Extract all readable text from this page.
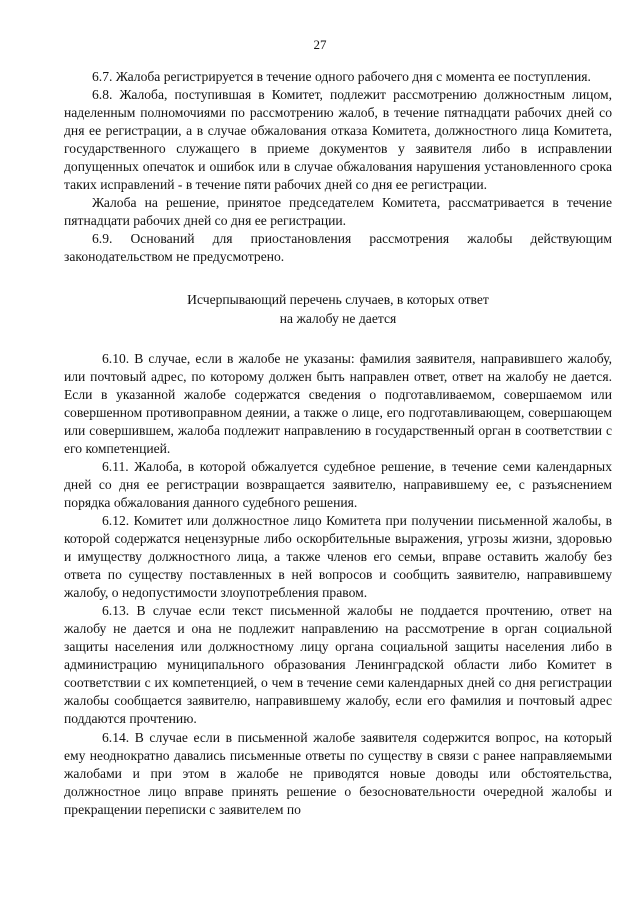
27

6.7. Жалоба регистрируется в течение одного рабочего дня с момента ее поступления.

6.8. Жалоба, поступившая в Комитет, подлежит рассмотрению должностным лицом, наделенным полномочиями по рассмотрению жалоб, в течение пятнадцати рабочих дней со дня ее регистрации, а в случае обжалования отказа Комитета, должностного лица Комитета, государственного служащего в приеме документов у заявителя либо в исправлении допущенных опечаток и ошибок или в случае обжалования нарушения установленного срока таких исправлений - в течение пяти рабочих дней со дня ее регистрации.

Жалоба на решение, принятое председателем Комитета, рассматривается в течение пятнадцати рабочих дней со дня ее регистрации.

6.9. Оснований для приостановления рассмотрения жалобы действующим законодательством не предусмотрено.

Исчерпывающий перечень случаев, в которых ответ
на жалобу не дается

6.10. В случае, если в жалобе не указаны: фамилия заявителя, направившего жалобу, или почтовый адрес, по которому должен быть направлен ответ, ответ на жалобу не дается. Если в указанной жалобе содержатся сведения о подготавливаемом, совершаемом или совершенном противоправном деянии, а также о лице, его подготавливающем, совершающем или совершившем, жалоба подлежит направлению в государственный орган в соответствии с его компетенцией.

6.11. Жалоба, в которой обжалуется судебное решение, в течение семи календарных дней со дня ее регистрации возвращается заявителю, направившему ее, с разъяснением порядка обжалования данного судебного решения.

6.12. Комитет или должностное лицо Комитета при получении письменной жалобы, в которой содержатся нецензурные либо оскорбительные выражения, угрозы жизни, здоровью и имуществу должностного лица, а также членов его семьи, вправе оставить жалобу без ответа по существу поставленных в ней вопросов и сообщить заявителю, направившему жалобу, о недопустимости злоупотребления правом.

6.13. В случае если текст письменной жалобы не поддается прочтению, ответ на жалобу не дается и она не подлежит направлению на рассмотрение в орган социальной защиты населения или должностному лицу органа социальной защиты населения либо в администрацию муниципального образования Ленинградской области либо Комитет в соответствии с их компетенцией, о чем в течение семи календарных дней со дня регистрации жалобы сообщается заявителю, направившему жалобу, если его фамилия и почтовый адрес поддаются прочтению.

6.14. В случае если в письменной жалобе заявителя содержится вопрос, на который ему неоднократно давались письменные ответы по существу в связи с ранее направляемыми жалобами и при этом в жалобе не приводятся новые доводы или обстоятельства, должностное лицо вправе принять решение о безосновательности очередной жалобы и прекращении переписки с заявителем по
